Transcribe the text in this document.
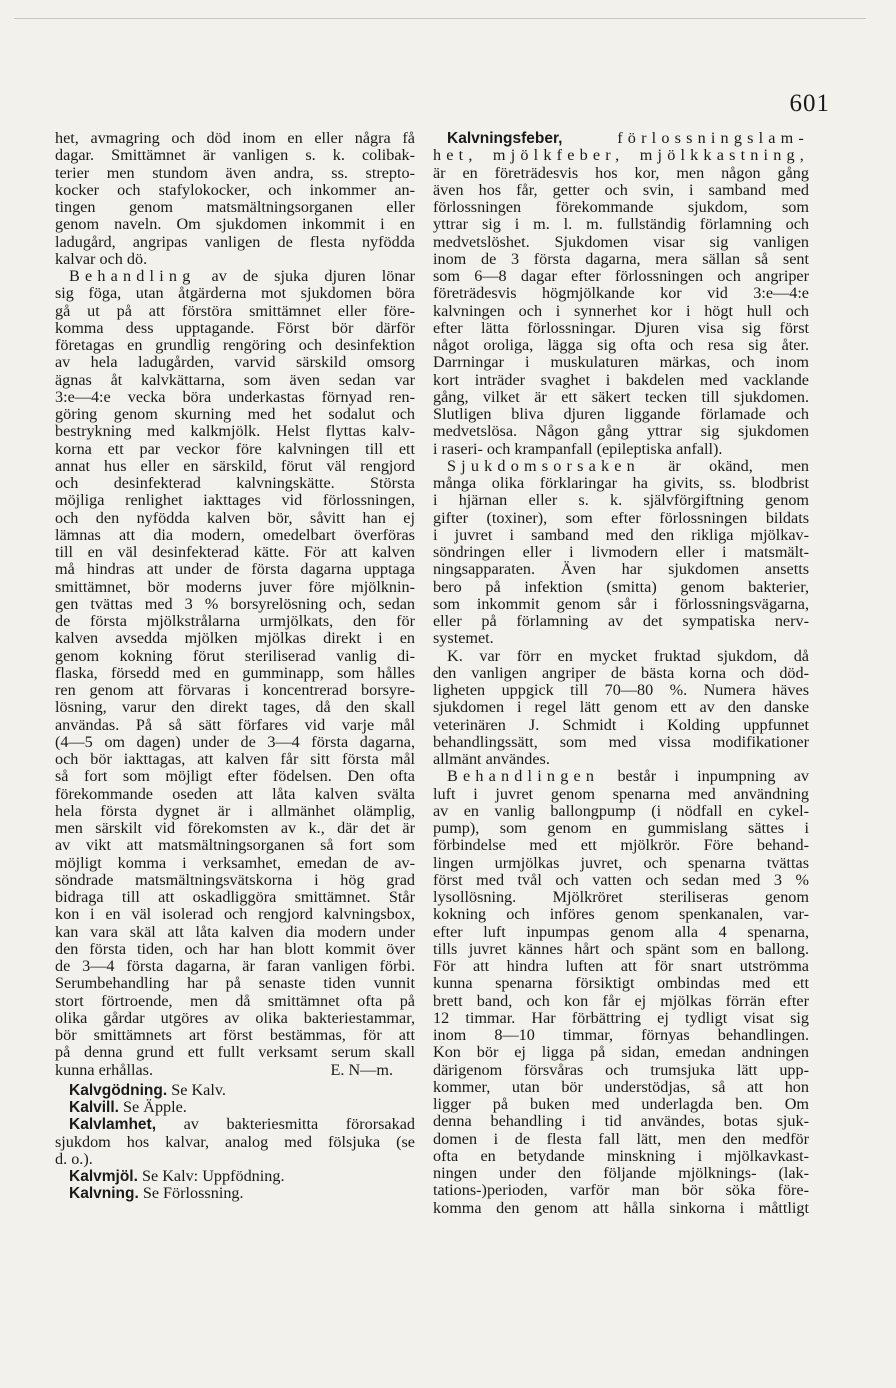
601
het, avmagring och död inom en eller några få
dagar. Smittämnet är vanligen s. k. colibak-
terier men stundom även andra, ss. strepto-
kocker och stafylokocker, och inkommer an-
tingen genom matsmältningsorganen eller
genom naveln. Om sjukdomen inkommit i en
ladugård, angripas vanligen de flesta nyfödda
kalvar och dö.
Behandling av de sjuka djuren lönar
sig föga, utan åtgärderna mot sjukdomen böra
gå ut på att förstöra smittämnet eller före-
komma dess upptagande. Först bör därför
företagas en grundlig rengöring och desinfektion
av hela ladugården, varvid särskild omsorg
ägnas åt kalvkättarna, som även sedan var
3:e—4:e vecka böra underkastas förnyad ren-
göring genom skurning med het sodalut och
bestrykning med kalkmjölk. Helst flyttas kalv-
korna ett par veckor före kalvningen till ett
annat hus eller en särskild, förut väl rengjord
och desinfekterad kalvningskätte. Största
möjliga renlighet iakttages vid förlossningen,
och den nyfödda kalven bör, såvitt han ej
lämnas att dia modern, omedelbart överföras
till en väl desinfekterad kätte. För att kalven
må hindras att under de första dagarna upptaga
smittämnet, bör moderns juver före mjölknin-
gen tvättas med 3 % borsyrelösning och, sedan
de första mjölkstrålarna urmjölkats, den för
kalven avsedda mjölken mjölkas direkt i en
genom kokning förut steriliserad vanlig di-
flaska, försedd med en gumminapp, som hålles
ren genom att förvaras i koncentrerad borsyre-
lösning, varur den direkt tages, då den skall
användas. På så sätt förfares vid varje mål
(4—5 om dagen) under de 3—4 första dagarna,
och bör iakttagas, att kalven får sitt första mål
så fort som möjligt efter födelsen. Den ofta
förekommande oseden att låta kalven svälta
hela första dygnet är i allmänhet olämplig,
men särskilt vid förekomsten av k., där det är
av vikt att matsmältningsorganen så fort som
möjligt komma i verksamhet, emedan de av-
söndrade matsmältningsvätskorna i hög grad
bidraga till att oskadliggöra smittämnet. Står
kon i en väl isolerad och rengjord kalvningsbox,
kan vara skäl att låta kalven dia modern under
den första tiden, och har han blott kommit över
de 3—4 första dagarna, är faran vanligen förbi.
Serumbehandling har på senaste tiden vunnit
stort förtroende, men då smittämnet ofta på
olika gårdar utgöres av olika bakteriestammar,
bör smittämnets art först bestämmas, för att
på denna grund ett fullt verksamt serum skall
kunna erhållas.	E. N—m.
Kalvgödning. Se Kalv.
Kalvill. Se Äpple.
Kalvlamhet, av bakteriesmitta förorsakad
sjukdom hos kalvar, analog med fölsjuka (se
d. o.).
Kalvmjöl. Se Kalv: Uppfödning.
Kalvning. Se Förlossning.
Kalvningsfeber,	förlossningslam-
het, mjölkfeber, mjölkkastning,
är en företrädesvis hos kor, men någon gång
även hos får, getter och svin, i samband med
förlossningen förekommande sjukdom, som
yttrar sig i m. l. m. fullständig förlamning och
medvetslöshet. Sjukdomen visar sig vanligen
inom de 3 första dagarna, mera sällan så sent
som 6—8 dagar efter förlossningen och angriper
företrädesvis högmjölkande kor vid 3:e—4:e
kalvningen och i synnerhet kor i högt hull och
efter lätta förlossningar. Djuren visa sig först
något oroliga, lägga sig ofta och resa sig åter.
Darrningar i muskulaturen märkas, och inom
kort inträder svaghet i bakdelen med vacklande
gång, vilket är ett säkert tecken till sjukdomen.
Slutligen bliva djuren liggande förlamade och
medvetslösa. Någon gång yttrar sig sjukdomen
i raseri- och krampanfall (epileptiska anfall).
Sjukdomsorsaken är okänd, men
många olika förklaringar ha givits, ss. blodbrist
i hjärnan eller s. k. självförgiftning genom
gifter (toxiner), som efter förlossningen bildats
i juvret i samband med den rikliga mjölkav-
söndringen eller i livmodern eller i matsmält-
ningsapparaten. Även har sjukdomen ansetts
bero på infektion (smitta) genom bakterier,
som inkommit genom sår i förlossningsvägarna,
eller på förlamning av det sympatiska nerv-
systemet.
K. var förr en mycket fruktad sjukdom, då
den vanligen angriper de bästa korna och död-
ligheten uppgick till 70—80 %. Numera häves
sjukdomen i regel lätt genom ett av den danske
veterinären J. Schmidt i Kolding uppfunnet
behandlingssätt, som med vissa modifikationer
allmänt användes.
Behandlingen består i inpumpning av
luft i juvret genom spenarna med användning
av en vanlig ballongpump (i nödfall en cykel-
pump), som genom en gummislang sättes i
förbindelse med ett mjölkrör. Före behand-
lingen urmjölkas juvret, och spenarna tvättas
först med tvål och vatten och sedan med 3 %
lysollösning. Mjölkröret steriliseras genom
kokning och införes genom spenkanalen, var-
efter luft inpumpas genom alla 4 spenarna,
tills juvret kännes hårt och spänt som en ballong.
För att hindra luften att för snart utströmma
kunna spenarna försiktigt ombindas med ett
brett band, och kon får ej mjölkas förrän efter
12 timmar. Har förbättring ej tydligt visat sig
inom 8—10 timmar, förnyas behandlingen.
Kon bör ej ligga på sidan, emedan andningen
därigenom försvåras och trumsjuka lätt upp-
kommer, utan bör understödjas, så att hon
ligger på buken med underlagda ben. Om
denna behandling i tid användes, botas sjuk-
domen i de flesta fall lätt, men den medför
ofta en betydande minskning i mjölkavkast-
ningen under den följande mjölknings- (lak-
tations-)perioden, varför man bör söka före-
komma den genom att hålla sinkorna i måttligt
